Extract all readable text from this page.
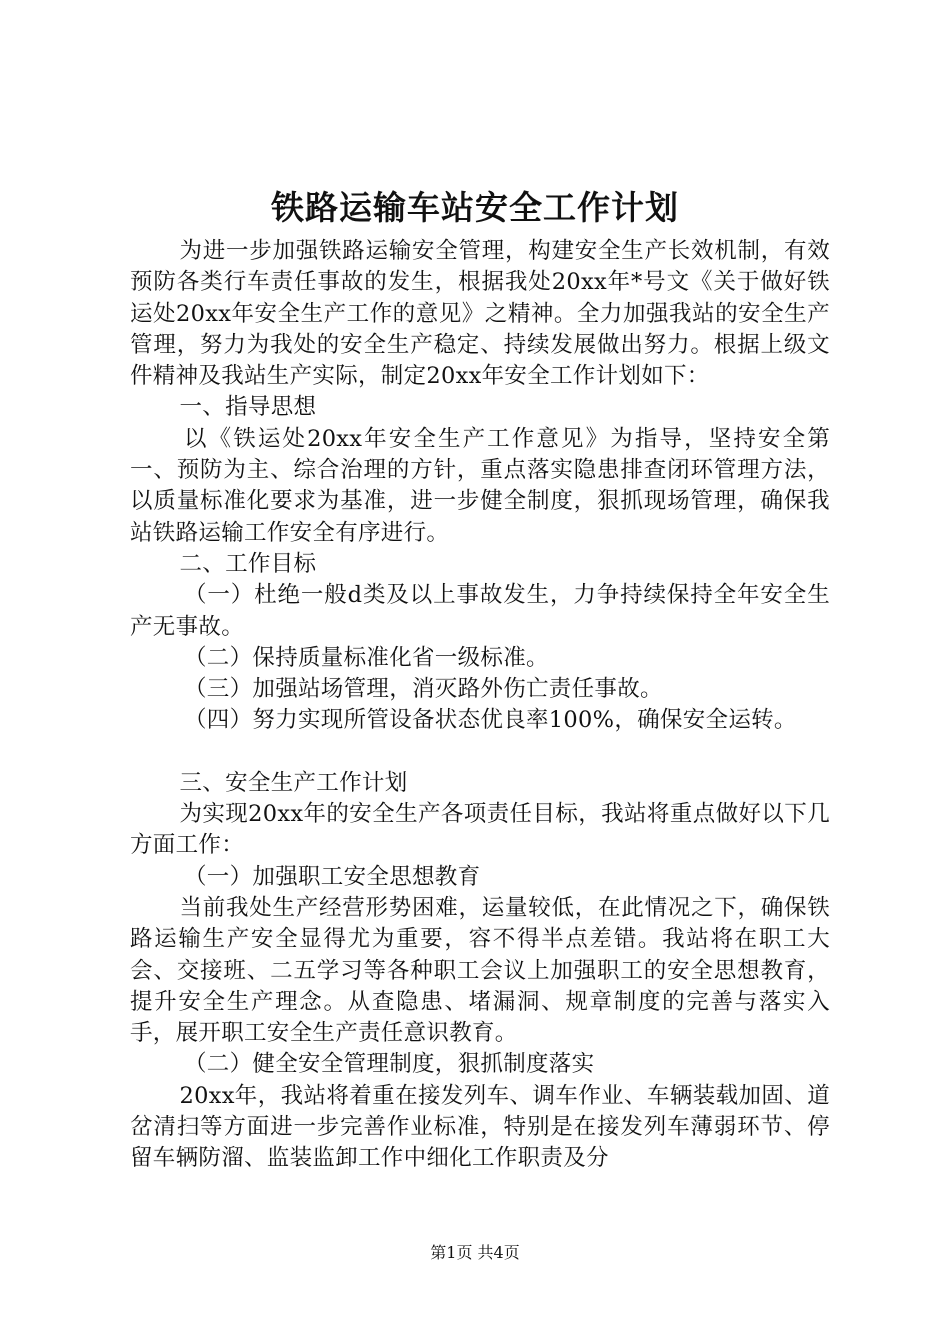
铁路运输车站安全工作计划

为进一步加强铁路运输安全管理，构建安全生产长效机制，有效预防各类行车责任事故的发生，根据我处20xx年*号文《关于做好铁运处20xx年安全生产工作的意见》之精神。全力加强我站的安全生产管理，努力为我处的安全生产稳定、持续发展做出努力。根据上级文件精神及我站生产实际，制定20xx年安全工作计划如下：

一、指导思想

以《铁运处20xx年安全生产工作意见》为指导，坚持安全第一、预防为主、综合治理的方针，重点落实隐患排查闭环管理方法，以质量标准化要求为基准，进一步健全制度，狠抓现场管理，确保我站铁路运输工作安全有序进行。

二、工作目标

（一）杜绝一般d类及以上事故发生，力争持续保持全年安全生产无事故。

（二）保持质量标准化省一级标准。

（三）加强站场管理，消灭路外伤亡责任事故。

（四）努力实现所管设备状态优良率100%，确保安全运转。

三、安全生产工作计划

为实现20xx年的安全生产各项责任目标，我站将重点做好以下几方面工作：

（一）加强职工安全思想教育

当前我处生产经营形势困难，运量较低，在此情况之下，确保铁路运输生产安全显得尤为重要，容不得半点差错。我站将在职工大会、交接班、二五学习等各种职工会议上加强职工的安全思想教育，提升安全生产理念。从查隐患、堵漏洞、规章制度的完善与落实入手，展开职工安全生产责任意识教育。

（二）健全安全管理制度，狠抓制度落实

20xx年，我站将着重在接发列车、调车作业、车辆装载加固、道岔清扫等方面进一步完善作业标准，特别是在接发列车薄弱环节、停留车辆防溜、监装监卸工作中细化工作职责及分

第1页 共4页
